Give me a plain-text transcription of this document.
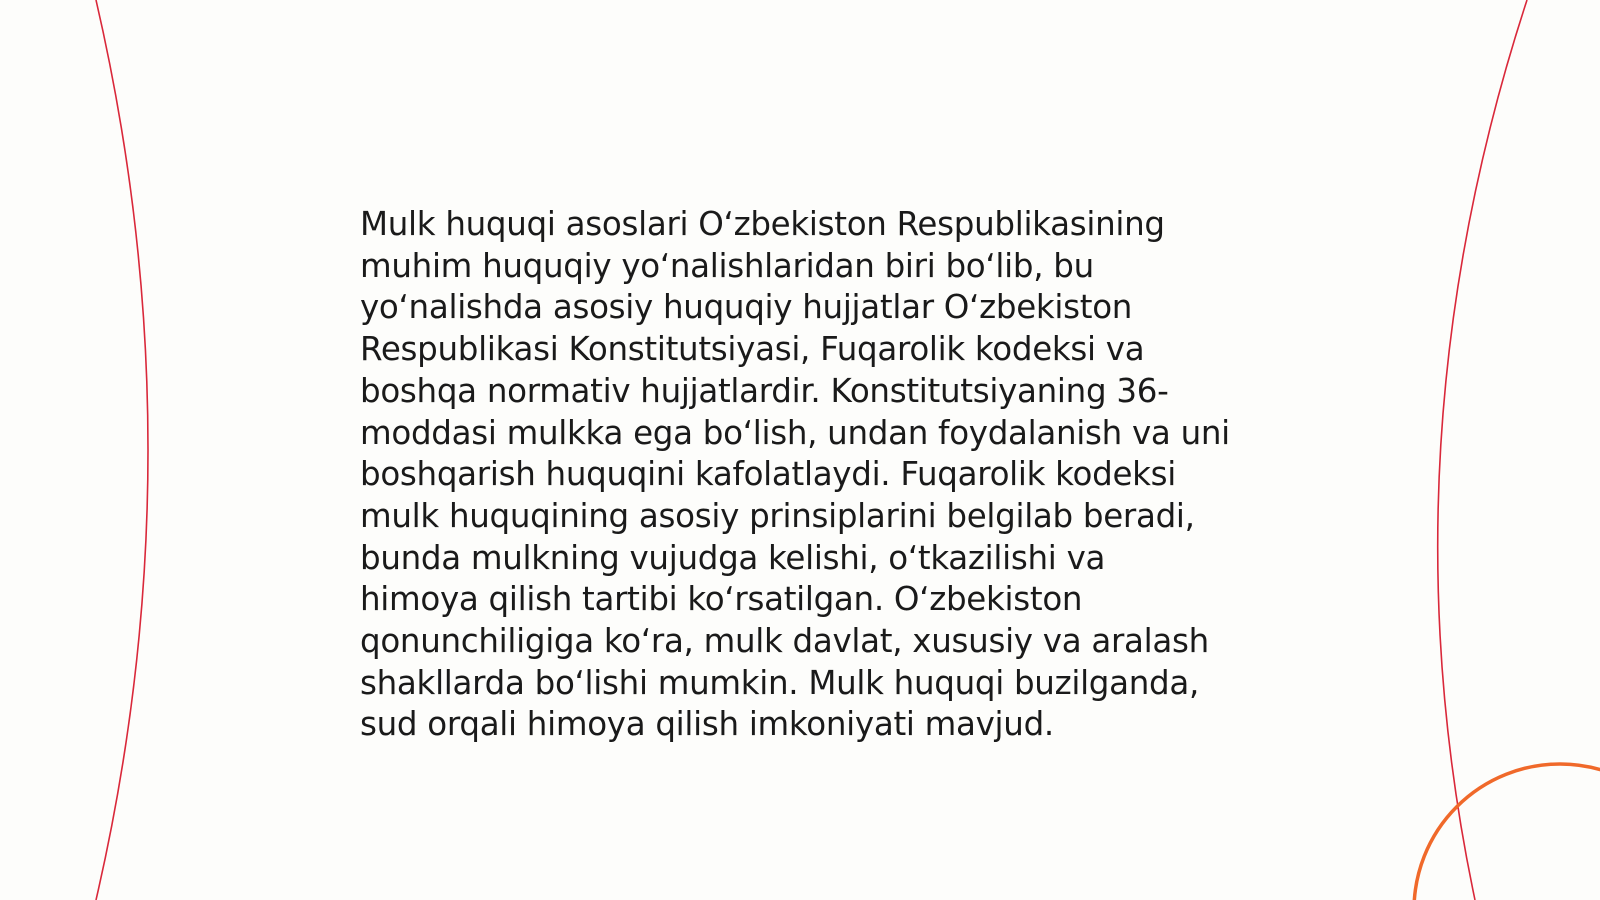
Mulk huquqi asoslari O‘zbekiston Respublikasining
muhim huquqiy yo‘nalishlaridan biri bo‘lib, bu
yo‘nalishda asosiy huquqiy hujjatlar O‘zbekiston
Respublikasi Konstitutsiyasi, Fuqarolik kodeksi va
boshqa normativ hujjatlardir. Konstitutsiyaning 36-
moddasi mulkka ega bo‘lish, undan foydalanish va uni
boshqarish huquqini kafolatlaydi. Fuqarolik kodeksi
mulk huquqining asosiy prinsiplarini belgilab beradi,
bunda mulkning vujudga kelishi, o‘tkazilishi va
himoya qilish tartibi ko‘rsatilgan. O‘zbekiston
qonunchiligiga ko‘ra, mulk davlat, xususiy va aralash
shakllarda bo‘lishi mumkin. Mulk huquqi buzilganda,
sud orqali himoya qilish imkoniyati mavjud.
